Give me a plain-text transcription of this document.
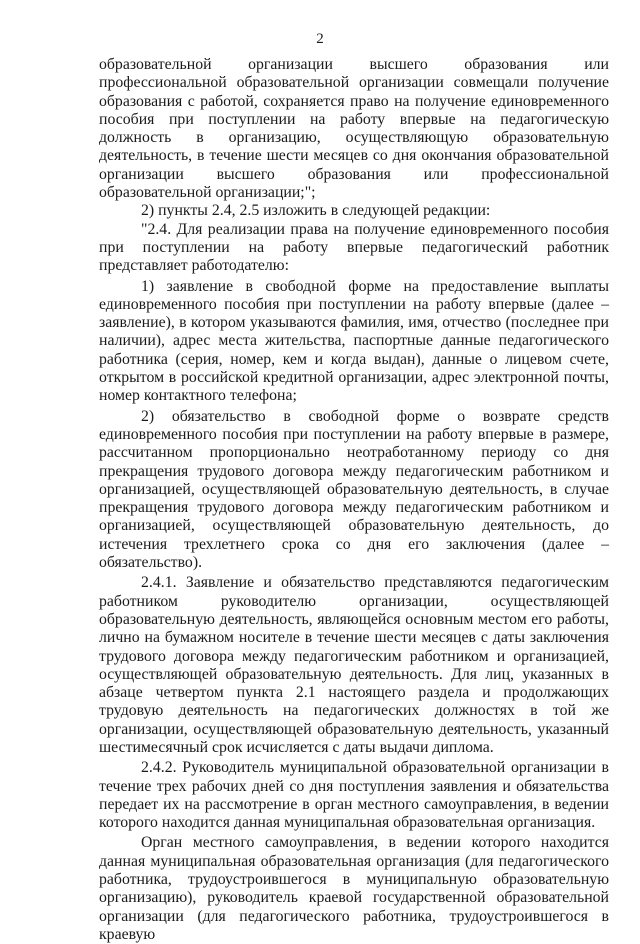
2

образовательной организации высшего образования или профессиональной образовательной организации совмещали получение образования с работой, сохраняется право на получение единовременного пособия при поступлении на работу впервые на педагогическую должность в организацию, осуществляющую образовательную деятельность, в течение шести месяцев со дня окончания образовательной организации высшего образования или профессиональной образовательной организации;";

2) пункты 2.4, 2.5 изложить в следующей редакции:

"2.4. Для реализации права на получение единовременного пособия при поступлении на работу впервые педагогический работник представляет работодателю:

1) заявление в свободной форме на предоставление выплаты единовременного пособия при поступлении на работу впервые (далее – заявление), в котором указываются фамилия, имя, отчество (последнее при наличии), адрес места жительства, паспортные данные педагогического работника (серия, номер, кем и когда выдан), данные о лицевом счете, открытом в российской кредитной организации, адрес электронной почты, номер контактного телефона;

2) обязательство в свободной форме о возврате средств единовременного пособия при поступлении на работу впервые в размере, рассчитанном пропорционально неотработанному периоду со дня прекращения трудового договора между педагогическим работником и организацией, осуществляющей образовательную деятельность, в случае прекращения трудового договора между педагогическим работником и организацией, осуществляющей образовательную деятельность, до истечения трехлетнего срока со дня его заключения (далее – обязательство).

2.4.1. Заявление и обязательство представляются педагогическим работником руководителю организации, осуществляющей образовательную деятельность, являющейся основным местом его работы, лично на бумажном носителе в течение шести месяцев с даты заключения трудового договора между педагогическим работником и организацией, осуществляющей образовательную деятельность. Для лиц, указанных в абзаце четвертом пункта 2.1 настоящего раздела и продолжающих трудовую деятельность на педагогических должностях в той же организации, осуществляющей образовательную деятельность, указанный шестимесячный срок исчисляется с даты выдачи диплома.

2.4.2. Руководитель муниципальной образовательной организации в течение трех рабочих дней со дня поступления заявления и обязательства передает их на рассмотрение в орган местного самоуправления, в ведении которого находится данная муниципальная образовательная организация.

Орган местного самоуправления, в ведении которого находится данная муниципальная образовательная организация (для педагогического работника, трудоустроившегося в муниципальную образовательную организацию), руководитель краевой государственной образовательной организации (для педагогического работника, трудоустроившегося в краевую
